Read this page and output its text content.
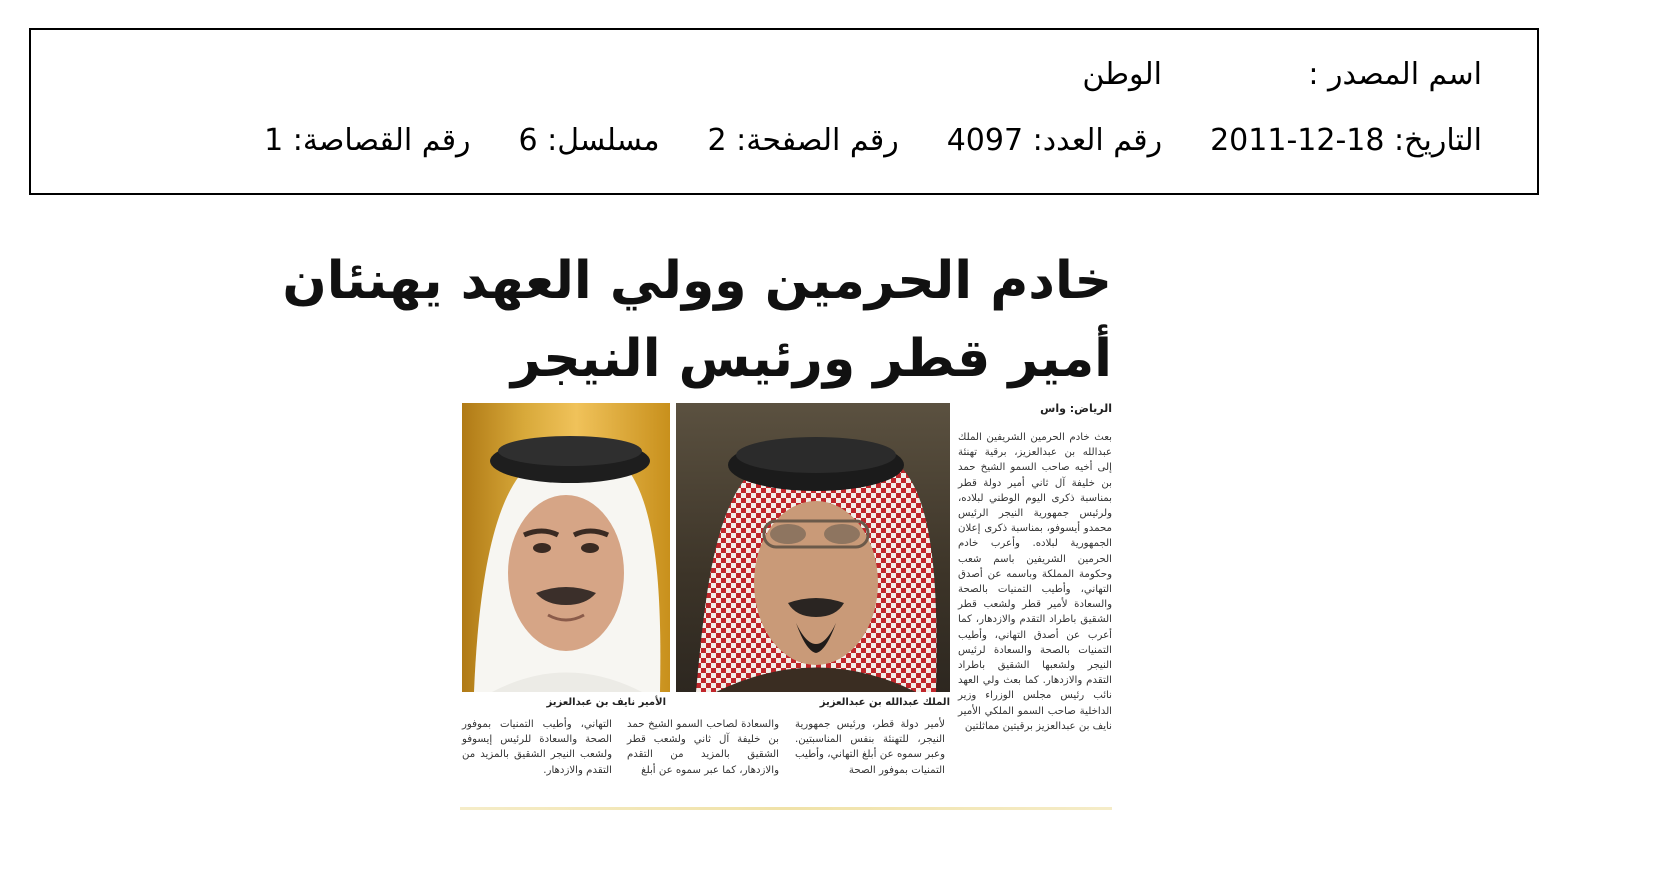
اسم المصدر :
الوطن
التاريخ: 18-12-2011
رقم العدد: 4097
رقم الصفحة: 2
مسلسل: 6
رقم القصاصة: 1
خادم الحرمين وولي العهد يهنئان
أمير قطر ورئيس النيجر
الرياض: واس
بعث خادم الحرمين الشريفين الملك عبدالله بن عبدالعزيز، برقية تهنئة إلى أخيه صاحب السمو الشيخ حمد بن خليفة آل ثاني أمير دولة قطر بمناسبة ذكرى اليوم الوطني لبلاده، ولرئيس جمهورية النيجر الرئيس محمدو أيسوفو، بمناسبة ذكرى إعلان الجمهورية لبلاده. وأعرب خادم الحرمين الشريفين باسم شعب وحكومة المملكة وباسمه عن أصدق التهاني، وأطيب التمنيات بالصحة والسعادة لأمير قطر ولشعب قطر الشقيق باطراد التقدم والازدهار، كما أعرب عن أصدق التهاني، وأطيب التمنيات بالصحة والسعادة لرئيس النيجر ولشعبها الشقيق باطراد التقدم والازدهار. كما بعث ولي العهد نائب رئيس مجلس الوزراء وزير الداخلية صاحب السمو الملكي الأمير نايف بن عبدالعزيز برقيتين مماثلتين
لأمير دولة قطر، ورئيس جمهورية النيجر، للتهنئة بنفس المناسبتين. وعبر سموه عن أبلغ التهاني، وأطيب التمنيات بموفور الصحة
والسعادة لصاحب السمو الشيخ حمد بن خليفة آل ثاني ولشعب قطر الشقيق بالمزيد من التقدم والازدهار، كما عبر سموه عن أبلغ
التهاني، وأطيب التمنيات بموفور الصحة والسعادة للرئيس إيسوفو ولشعب النيجر الشقيق بالمزيد من التقدم والازدهار.
الملك عبدالله بن عبدالعزيز
الأمير نايف بن عبدالعزيز
